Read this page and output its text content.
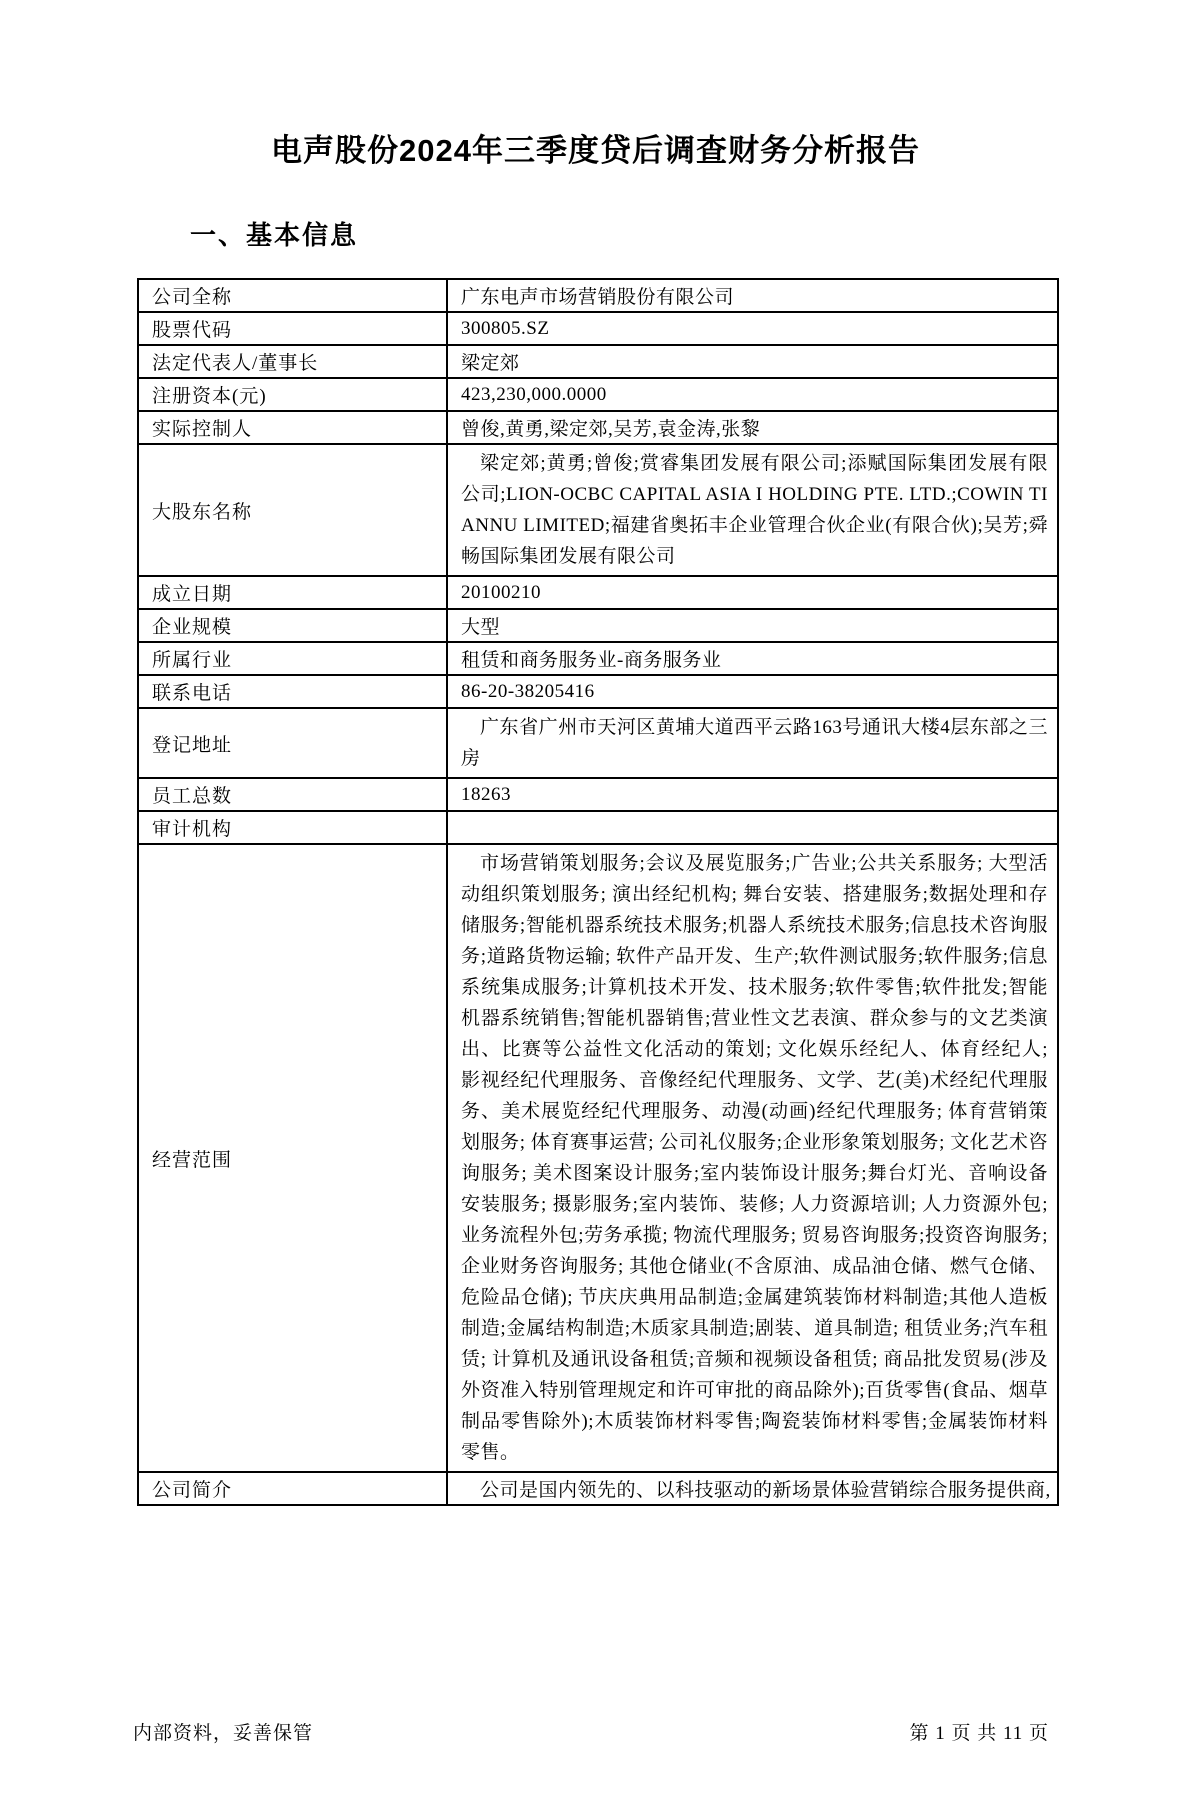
电声股份2024年三季度贷后调查财务分析报告
一、基本信息
公司全称	广东电声市场营销股份有限公司
股票代码	300805.SZ
法定代表人/董事长	梁定郊
注册资本(元)	423,230,000.0000
实际控制人	曾俊,黄勇,梁定郊,吴芳,袁金涛,张黎
大股东名称	梁定郊;黄勇;曾俊;赏睿集团发展有限公司;添赋国际集团发展有限公司;LION-OCBC CAPITAL ASIA I HOLDING PTE. LTD.;COWIN TIANNU LIMITED;福建省奥拓丰企业管理合伙企业(有限合伙);吴芳;舜畅国际集团发展有限公司
成立日期	20100210
企业规模	大型
所属行业	租赁和商务服务业-商务服务业
联系电话	86-20-38205416
登记地址	广东省广州市天河区黄埔大道西平云路163号通讯大楼4层东部之三房
员工总数	18263
审计机构	
经营范围	市场营销策划服务;会议及展览服务;广告业;公共关系服务; 大型活动组织策划服务; 演出经纪机构; 舞台安装、搭建服务;数据处理和存储服务;智能机器系统技术服务;机器人系统技术服务;信息技术咨询服务;道路货物运输; 软件产品开发、生产;软件测试服务;软件服务;信息系统集成服务;计算机技术开发、技术服务;软件零售;软件批发;智能机器系统销售;智能机器销售;营业性文艺表演、群众参与的文艺类演出、比赛等公益性文化活动的策划; 文化娱乐经纪人、体育经纪人; 影视经纪代理服务、音像经纪代理服务、文学、艺(美)术经纪代理服务、美术展览经纪代理服务、动漫(动画)经纪代理服务; 体育营销策划服务; 体育赛事运营; 公司礼仪服务;企业形象策划服务; 文化艺术咨询服务; 美术图案设计服务;室内装饰设计服务;舞台灯光、音响设备安装服务; 摄影服务;室内装饰、装修; 人力资源培训; 人力资源外包;业务流程外包;劳务承揽; 物流代理服务; 贸易咨询服务;投资咨询服务;企业财务咨询服务; 其他仓储业(不含原油、成品油仓储、燃气仓储、危险品仓储); 节庆庆典用品制造;金属建筑装饰材料制造;其他人造板制造;金属结构制造;木质家具制造;剧装、道具制造; 租赁业务;汽车租赁; 计算机及通讯设备租赁;音频和视频设备租赁; 商品批发贸易(涉及外资准入特别管理规定和许可审批的商品除外);百货零售(食品、烟草制品零售除外);木质装饰材料零售;陶瓷装饰材料零售;金属装饰材料零售。
公司简介	公司是国内领先的、以科技驱动的新场景体验营销综合服务提供商,
内部资料，妥善保管	第 1 页 共 11 页
